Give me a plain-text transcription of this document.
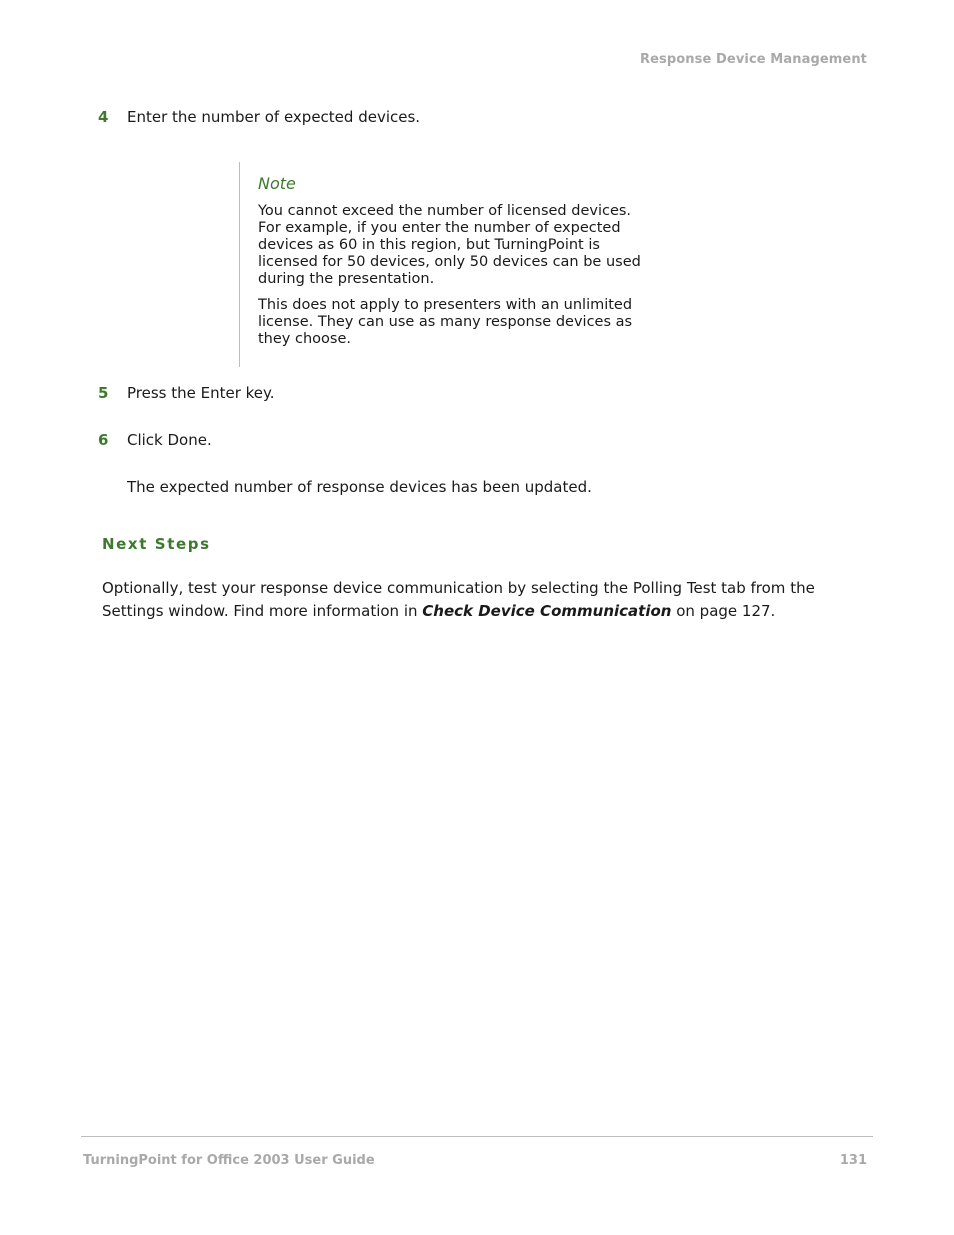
Response Device Management
4 Enter the number of expected devices.
Note

You cannot exceed the number of licensed devices.
For example, if you enter the number of expected
devices as 60 in this region, but TurningPoint is
licensed for 50 devices, only 50 devices can be used
during the presentation.

This does not apply to presenters with an unlimited
license. They can use as many response devices as
they choose.

5 Press the Enter key.
6 Click Done.
The expected number of response devices has been updated.
Next Steps
Optionally, test your response device communication by selecting the Polling Test tab from the Settings window. Find more information in Check Device Communication on page 127.
TurningPoint for Office 2003 User Guide	131
